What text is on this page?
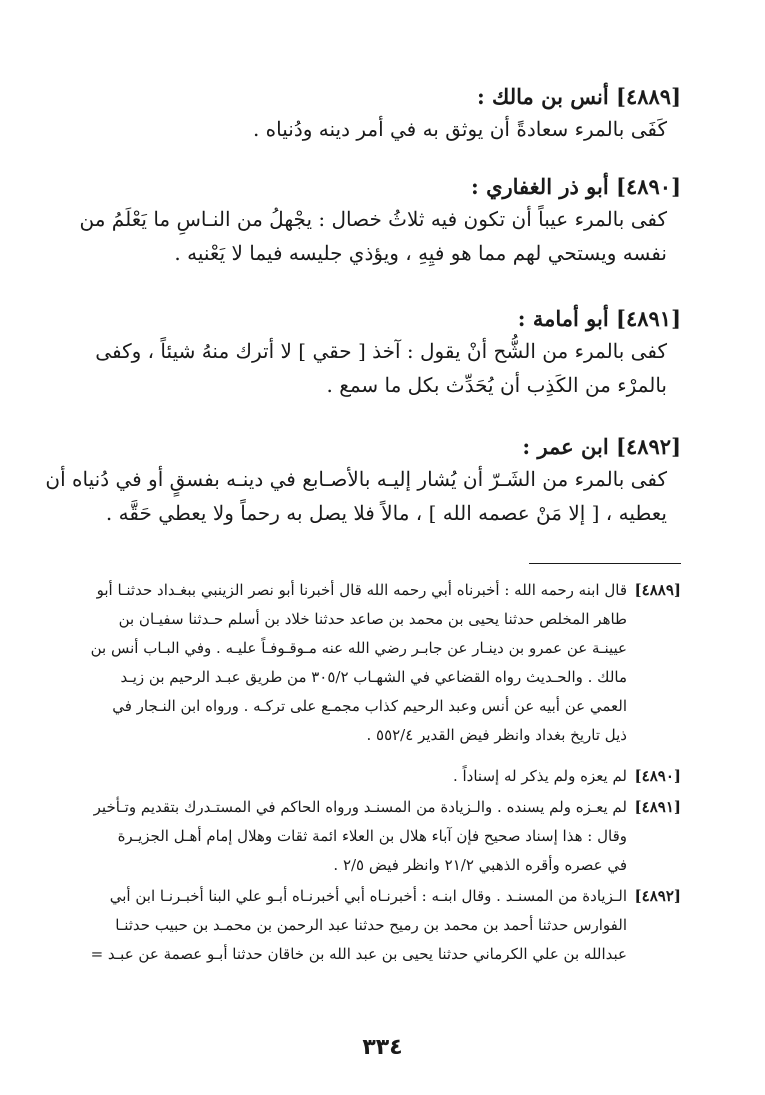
[٤٨٨٩] أنس بن مالك :
كَفَى بالمرء سعادةً أن يوثق به في أمر دينه ودُنياه .
[٤٨٩٠] أبو ذر الغفاري :
كفى بالمرء عيباً أن تكون فيه ثلاثُ خصال : يجْهلُ من النـاسِ ما يَعْلَمُ من
نفسه ويستحي لهم مما هو فيِهِ ، ويؤذي جليسه فيما لا يَعْنيه .
[٤٨٩١] أبو أمامة :
كفى بالمرء من الشُّح أنْ يقول : آخذ [ حقي ] لا أترك منهُ شيئاً ، وكفى
بالمرْء من الكَذِب أن يُحَدِّث بكل ما سمع .
[٤٨٩٢] ابن عمر :
كفى بالمرء من الشَـرّ أن يُشار إليـه بالأصـابع في دينـه بفسقٍ أو في دُنياه أن
يعطيه ، [ إلا مَنْ عصمه الله ] ، مالاً فلا يصل به رحماً ولا يعطي حَقَّه .
[٤٨٨٩]
قال ابنه رحمه الله : أخبرناه أبي رحمه الله قال أخبرنا أبو نصر الزينبي ببغـداد حدثنـا أبو
طاهر المخلص حدثنا يحيى بن محمد بن صاعد حدثنا خلاد بن أسلم حـدثنا سفيـان بن
عيينـة عن عمرو بن دينـار عن جابـر رضي الله عنه مـوقـوفـاً عليـه . وفي البـاب أنس بن
مالك . والحـديث رواه القضاعي في الشهـاب ٣٠٥/٢ من طريق عبـد الرحيم بن زيـد
العمي عن أبيه عن أنس وعبد الرحيم كذاب مجمـع على تركـه . ورواه ابن النـجار في
ذيل تاريخ بغداد وانظر فيض القدير ٥٥٢/٤ .
[٤٨٩٠]
لم يعزه ولم يذكر له إسناداً .
[٤٨٩١]
لم يعـزه ولم يسنده . والـزيادة من المسنـد ورواه الحاكم في المستـدرك بتقديم وتـأخير
وقال : هذا إسناد صحيح فإن آباء هلال بن العلاء ائمة ثقات وهلال إمام أهـل الجزيـرة
في عصره وأقره الذهبي ٢١/٢ وانظر فيض ٢/٥ .
[٤٨٩٢]
الـزيادة من المسنـد . وقال ابنـه : أخبرنـاه أبي أخبرنـاه أبـو علي البنا أخبـرنـا ابن أبي
الفوارس حدثنا أحمد بن محمد بن رميح حدثنا عبد الرحمن بن محمـد بن حبيب حدثنـا
عبدالله بن علي الكرماني حدثنا يحيى بن عبد الله بن خاقان حدثنا أبـو عصمة عن عبـد =
٣٣٤
